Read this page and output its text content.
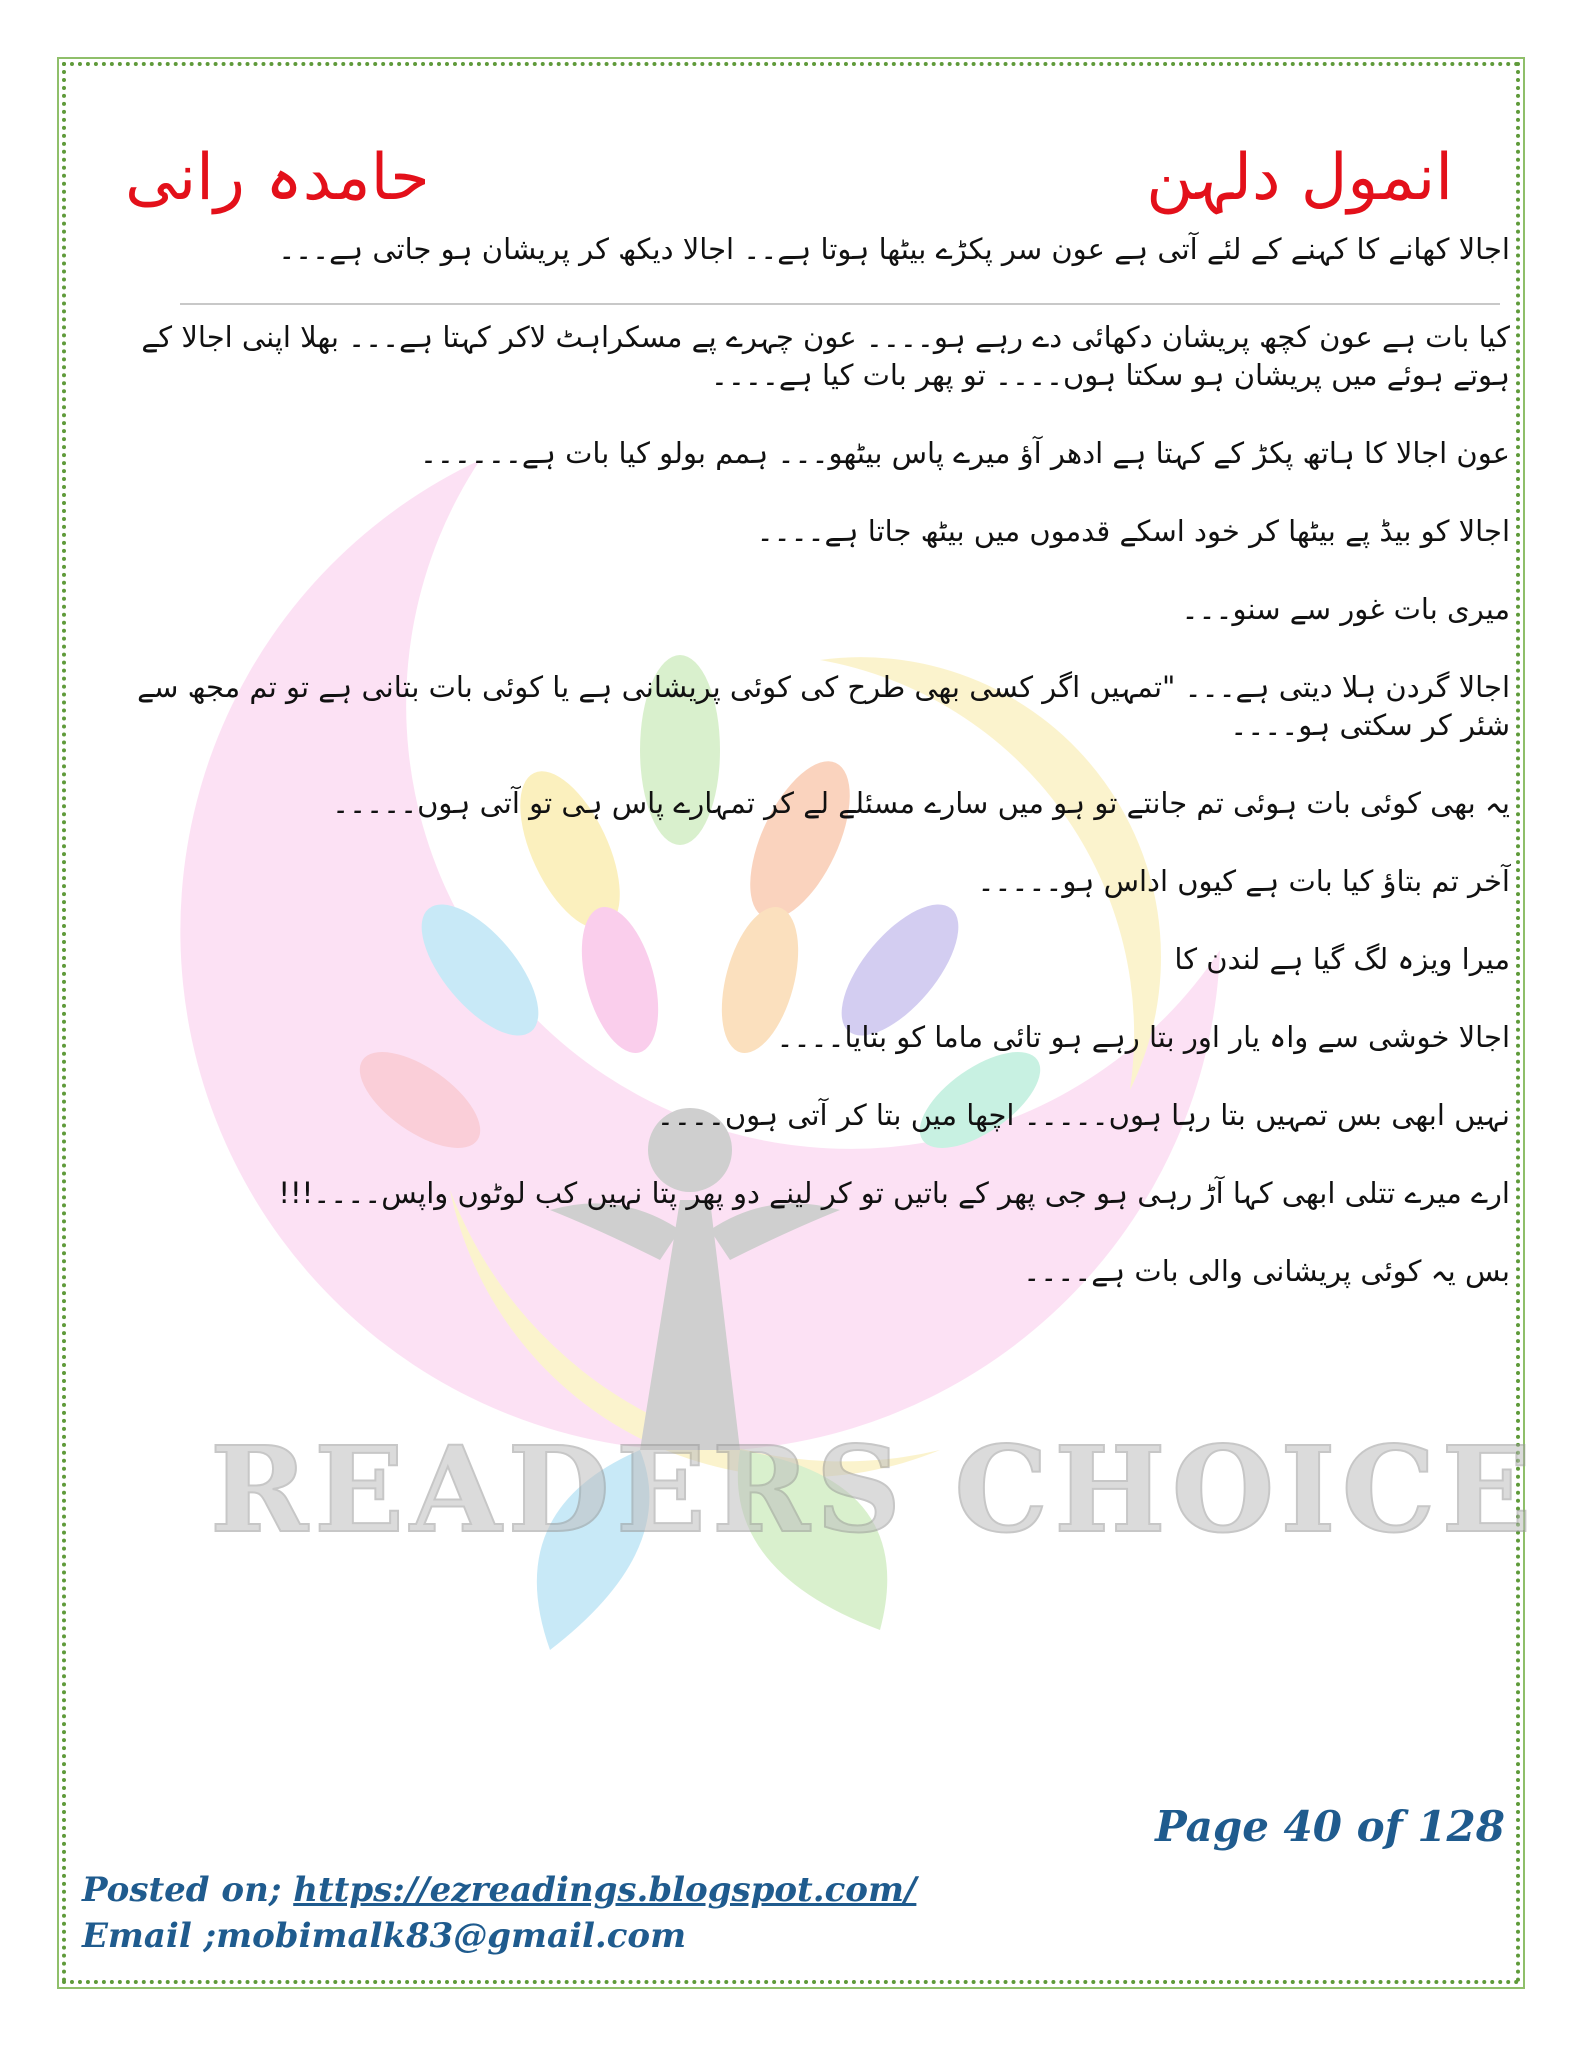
READERS CHOICE
انمول دلہن
حامدہ رانی

اجالا کھانے کا کہنے کے لئے آتی ہے عون سر پکڑے بیٹھا ہوتا ہے۔۔ اجالا دیکھ کر پریشان ہو جاتی ہے۔۔۔

کیا بات ہے عون کچھ پریشان دکھائی دے رہے ہو۔۔۔۔ عون چہرے پے مسکراہٹ لاکر کہتا ہے۔۔۔ بھلا اپنی اجالا کے ہوتے ہوئے میں پریشان ہو سکتا ہوں۔۔۔۔ تو پھر بات کیا ہے۔۔۔۔

عون اجالا کا ہاتھ پکڑ کے کہتا ہے ادھر آؤ میرے پاس بیٹھو۔۔۔ ہمم بولو کیا بات ہے۔۔۔۔۔۔

اجالا کو بیڈ پے بیٹھا کر خود اسکے قدموں میں بیٹھ جاتا ہے۔۔۔۔

میری بات غور سے سنو۔۔۔

اجالا گردن ہلا دیتی ہے۔۔۔ "تمہیں اگر کسی بھی طرح کی کوئی پریشانی ہے یا کوئی بات بتانی ہے تو تم مجھ سے شئر کر سکتی ہو۔۔۔۔

یہ بھی کوئی بات ہوئی تم جانتے تو ہو میں سارے مسئلے لے کر تمہارے پاس ہی تو آتی ہوں۔۔۔۔۔

آخر تم بتاؤ کیا بات ہے کیوں اداس ہو۔۔۔۔۔

میرا ویزہ لگ گیا ہے لندن کا

اجالا خوشی سے واہ یار اور بتا رہے ہو تائی ماما کو بتایا۔۔۔۔

نہیں ابھی بس تمہیں بتا رہا ہوں۔۔۔۔۔ اچھا میں بتا کر آتی ہوں۔۔۔۔

ارے میرے تتلی ابھی کہا آڑ رہی ہو جی پھر کے باتیں تو کر لینے دو پھر پتا نہیں کب لوٹوں واپس۔۔۔۔!!!

بس یہ کوئی پریشانی والی بات ہے۔۔۔۔

Page 40 of 128
Posted on; https://ezreadings.blogspot.com/
Email ;mobimalk83@gmail.com
